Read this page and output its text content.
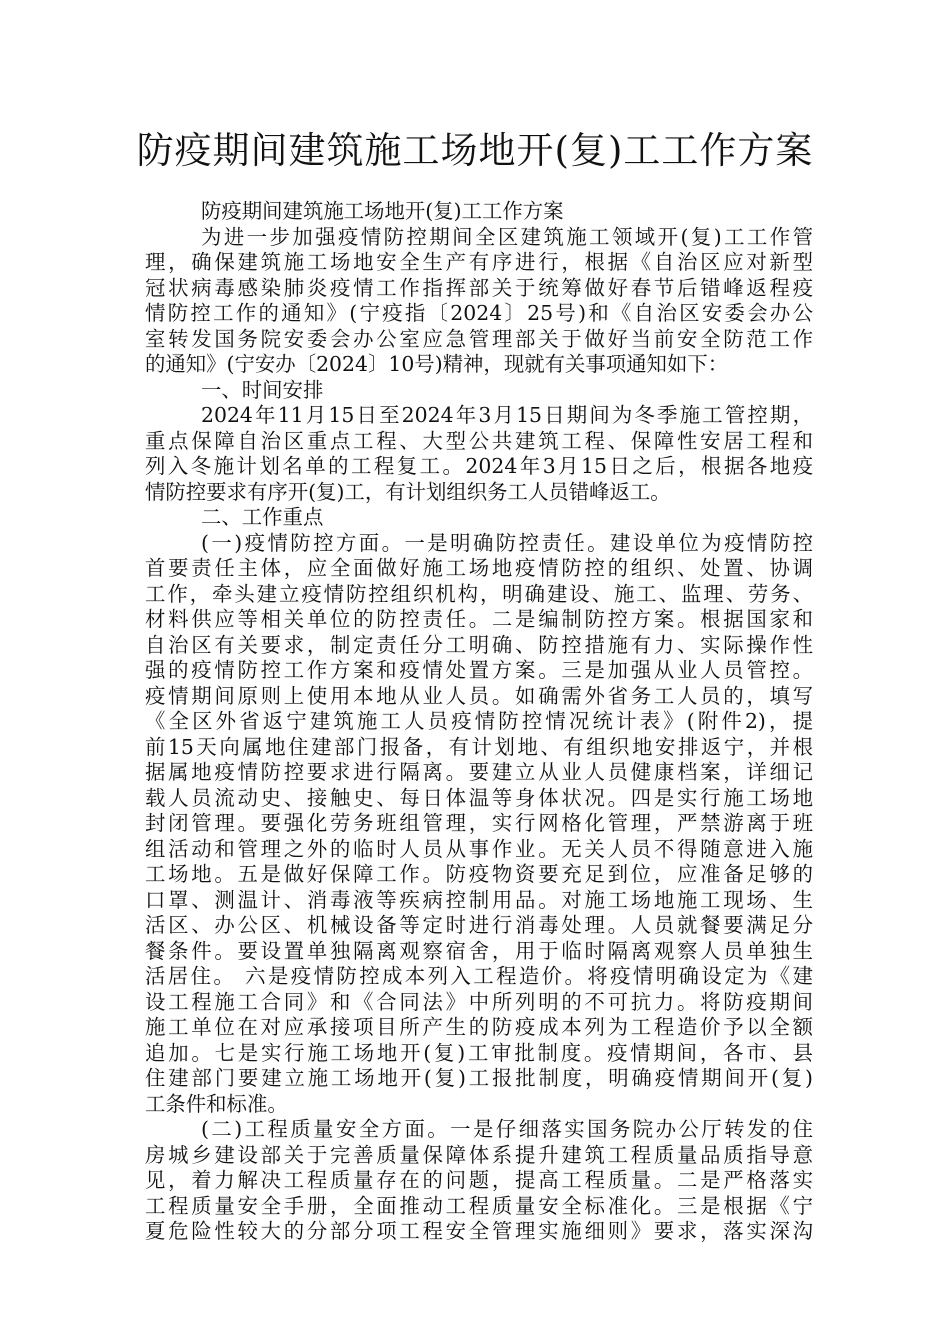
防疫期间建筑施工场地开(复)工工作方案
防疫期间建筑施工场地开(复)工工作方案
为进一步加强疫情防控期间全区建筑施工领域开(复)工工作管
理，确保建筑施工场地安全生产有序进行，根据《自治区应对新型
冠状病毒感染肺炎疫情工作指挥部关于统筹做好春节后错峰返程疫
情防控工作的通知》(宁疫指〔2024〕25号)和《自治区安委会办公
室转发国务院安委会办公室应急管理部关于做好当前安全防范工作
的通知》(宁安办〔2024〕10号)精神，现就有关事项通知如下：
一、时间安排
2024年11月15日至2024年3月15日期间为冬季施工管控期，
重点保障自治区重点工程、大型公共建筑工程、保障性安居工程和
列入冬施计划名单的工程复工。2024年3月15日之后，根据各地疫
情防控要求有序开(复)工，有计划组织务工人员错峰返工。
二、工作重点
(一)疫情防控方面。一是明确防控责任。建设单位为疫情防控
首要责任主体，应全面做好施工场地疫情防控的组织、处置、协调
工作，牵头建立疫情防控组织机构，明确建设、施工、监理、劳务、
材料供应等相关单位的防控责任。二是编制防控方案。根据国家和
自治区有关要求，制定责任分工明确、防控措施有力、实际操作性
强的疫情防控工作方案和疫情处置方案。三是加强从业人员管控。
疫情期间原则上使用本地从业人员。如确需外省务工人员的，填写
《全区外省返宁建筑施工人员疫情防控情况统计表》(附件2)，提
前15天向属地住建部门报备，有计划地、有组织地安排返宁，并根
据属地疫情防控要求进行隔离。要建立从业人员健康档案，详细记
载人员流动史、接触史、每日体温等身体状况。四是实行施工场地
封闭管理。要强化劳务班组管理，实行网格化管理，严禁游离于班
组活动和管理之外的临时人员从事作业。无关人员不得随意进入施
工场地。五是做好保障工作。防疫物资要充足到位，应准备足够的
口罩、测温计、消毒液等疾病控制用品。对施工场地施工现场、生
活区、办公区、机械设备等定时进行消毒处理。人员就餐要满足分
餐条件。要设置单独隔离观察宿舍，用于临时隔离观察人员单独生
活居住。 六是疫情防控成本列入工程造价。将疫情明确设定为《建
设工程施工合同》和《合同法》中所列明的不可抗力。将防疫期间
施工单位在对应承接项目所产生的防疫成本列为工程造价予以全额
追加。七是实行施工场地开(复)工审批制度。疫情期间，各市、县
住建部门要建立施工场地开(复)工报批制度，明确疫情期间开(复)
工条件和标准。
(二)工程质量安全方面。一是仔细落实国务院办公厅转发的住
房城乡建设部关于完善质量保障体系提升建筑工程质量品质指导意
见，着力解决工程质量存在的问题，提高工程质量。二是严格落实
工程质量安全手册，全面推动工程质量安全标准化。三是根据《宁
夏危险性较大的分部分项工程安全管理实施细则》要求，落实深沟
